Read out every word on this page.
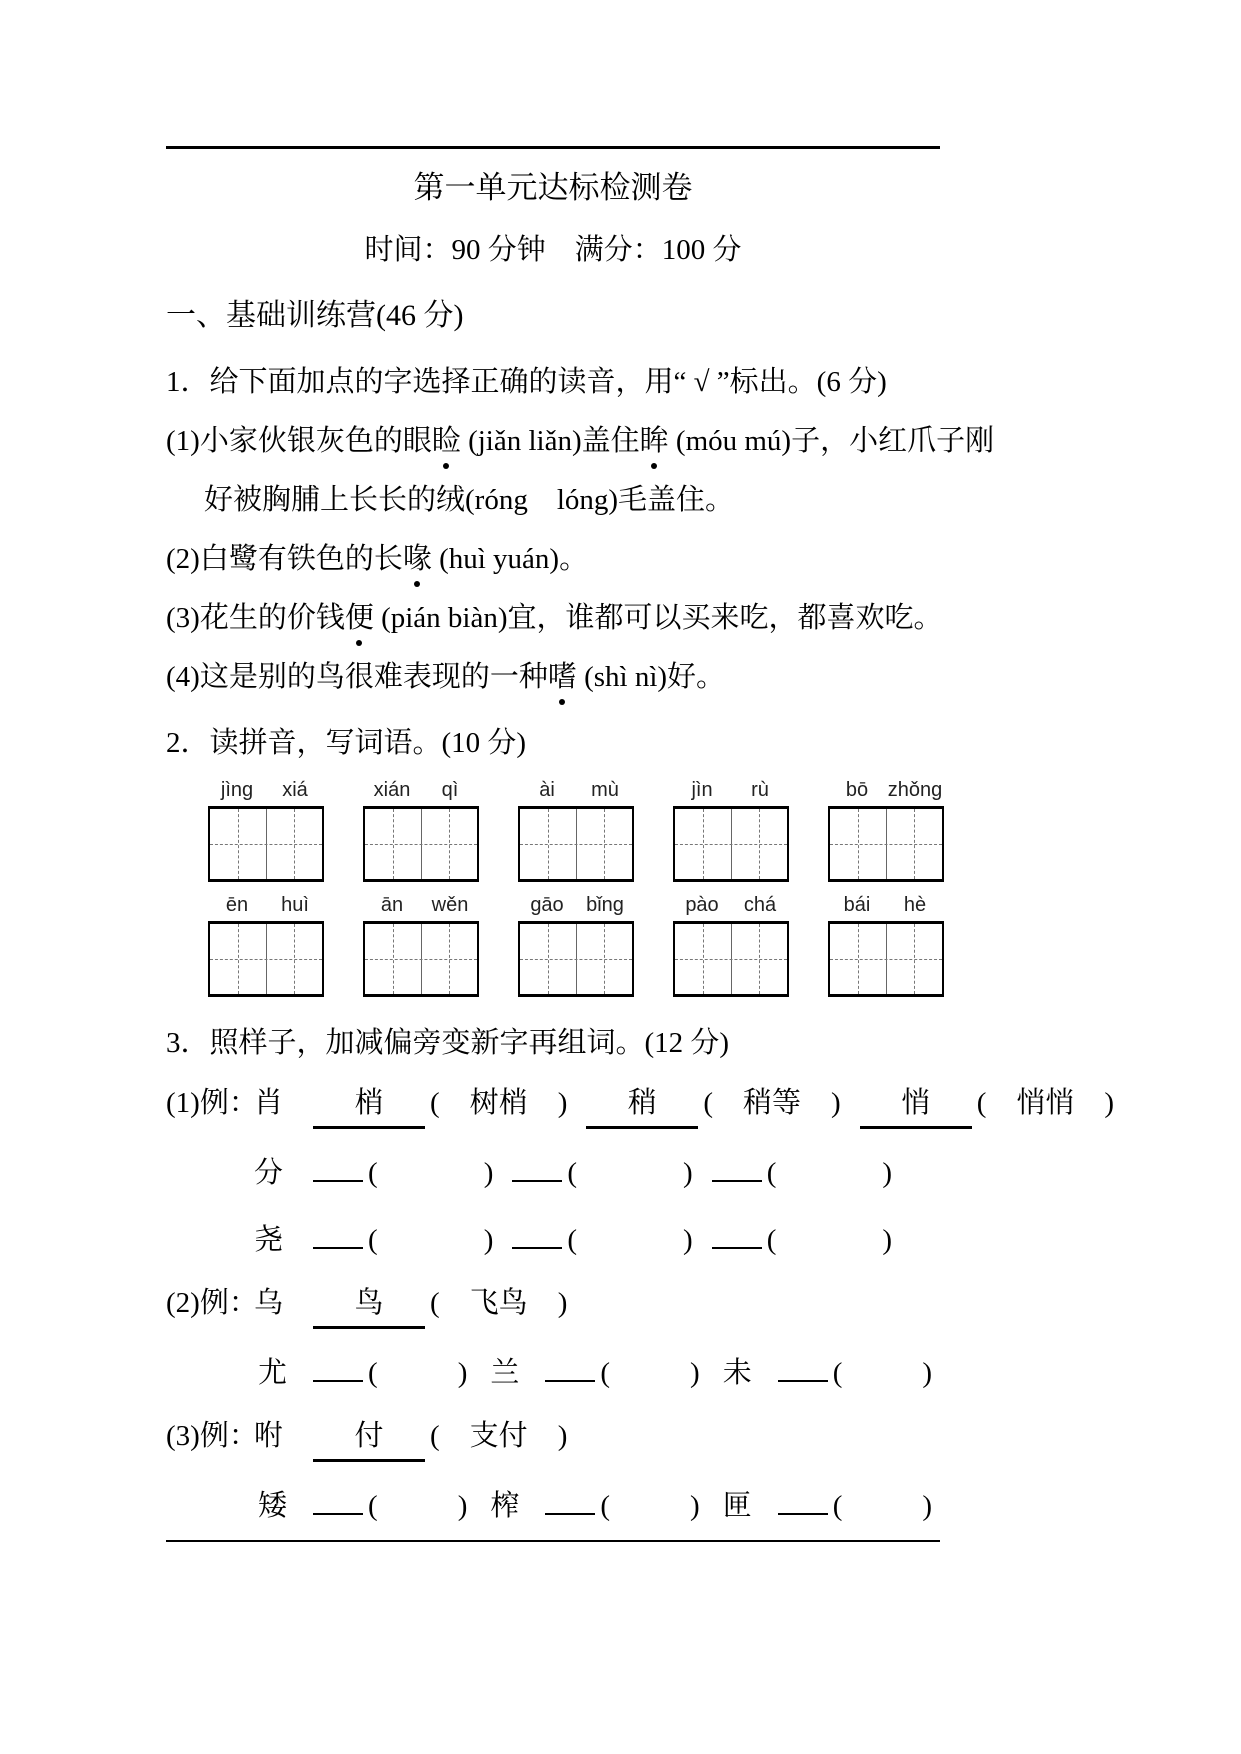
第一单元达标检测卷
时间：90 分钟　满分：100 分
一、基础训练营(46 分)
1．给下面加点的字选择正确的读音，用“ √ ”标出。(6 分)
(1)小家伙银灰色的眼睑 (jiǎn liǎn)盖住眸 (móu mú)子，小红爪子刚
好被胸脯上长长的绒(róng　lóng)毛盖住。
(2)白鹭有铁色的长喙 (huì yuán)。
(3)花生的价钱便 (pián biàn)宜，谁都可以买来吃，都喜欢吃。
(4)这是别的鸟很难表现的一种嗜 (shì nì)好。
2．读拼音，写词语。(10 分)
jìng	xiá	xián	qì	ài	mù	jìn	rù	bō zhǒng
ēn	huì	ān	wěn	gāo	bǐng	pào	chá	bái	hè
3．照样子，加减偏旁变新字再组词。(12 分)
(1)例：肖 梢 ( 树梢 ) 稍 ( 稍等 ) 悄 ( 悄悄 )
分	(	)	(	)	(	)
尧	(	)	(	)	(	)
(2)例：乌 鸟 ( 飞鸟 )
尤	(	) 兰	(	) 未	(	)
(3)例：咐 付 ( 支付 )
矮	(	) 榨	(	) 匣	(	)
